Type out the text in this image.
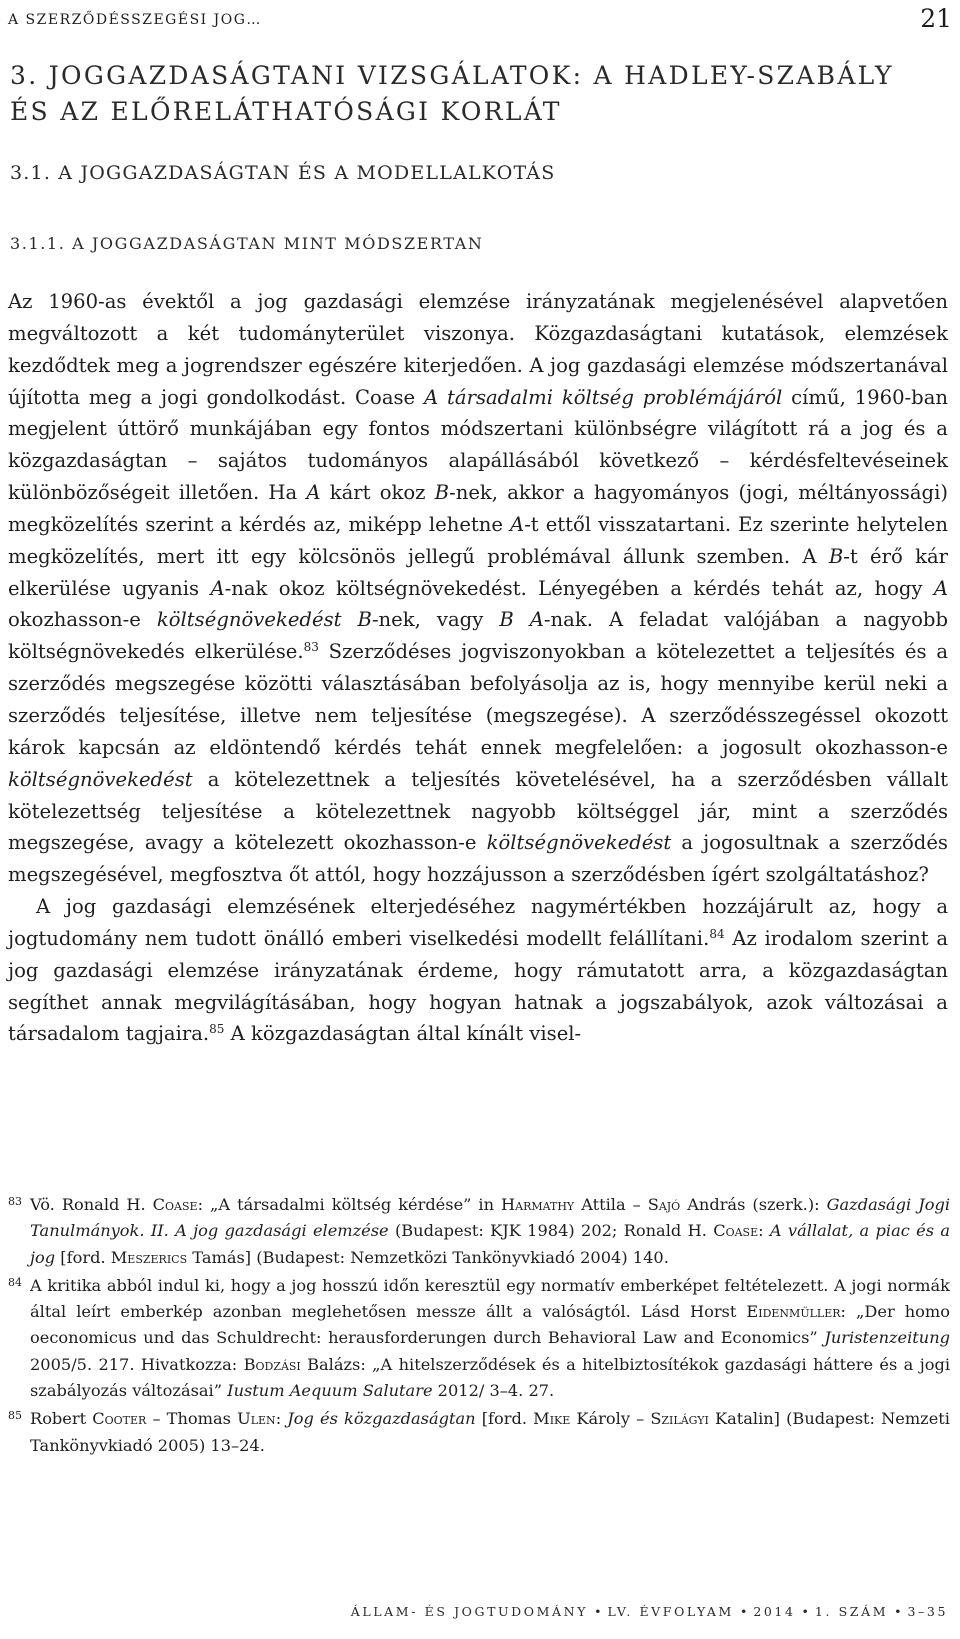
A SZERZŐDÉSSZEGÉSI JOG…	21
3. JOGGAZDASÁGTANI VIZSGÁLATOK: A HADLEY-SZABÁLY ÉS AZ ELŐRELÁTHATÓSÁGI KORLÁT
3.1. A JOGGAZDASÁGTAN ÉS A MODELLALKOTÁS
3.1.1. A JOGGAZDASÁGTAN MINT MÓDSZERTAN

Az 1960-as évektől a jog gazdasági elemzése irányzatának megjelenésével alapvetően megváltozott a két tudományterület viszonya. Közgazdaságtani kutatások, elemzések kezdődtek meg a jogrendszer egészére kiterjedően. A jog gazdasági elemzése módszertanával újította meg a jogi gondolkodást. Coase A társadalmi költség problémájáról című, 1960-ban megjelent úttörő munkájában egy fontos módszertani különbségre világított rá a jog és a közgazdaságtan – sajátos tudományos alapállásából következő – kérdésfeltevéseinek különbözőségeit illetően. Ha A kárt okoz B-nek, akkor a hagyományos (jogi, méltányossági) megközelítés szerint a kérdés az, miképp lehetne A-t ettől visszatartani. Ez szerinte helytelen megközelítés, mert itt egy kölcsönös jellegű problémával állunk szemben. A B-t érő kár elkerülése ugyanis A-nak okoz költségnövekedést. Lényegében a kérdés tehát az, hogy A okozhasson-e költségnövekedést B-nek, vagy B A-nak. A feladat valójában a nagyobb költségnövekedés elkerülése.$^{83}$ Szerződéses jogviszonyokban a kötelezettet a teljesítés és a szerződés megszegése közötti választásában befolyásolja az is, hogy mennyibe kerül neki a szerződés teljesítése, illetve nem teljesítése (megszegése). A szerződésszegéssel okozott károk kapcsán az eldöntendő kérdés tehát ennek megfelelően: a jogosult okozhasson-e költségnövekedést a kötelezettnek a teljesítés követelésével, ha a szerződésben vállalt kötelezettség teljesítése a kötelezettnek nagyobb költséggel jár, mint a szerződés megszegése, avagy a kötelezett okozhasson-e költségnövekedést a jogosultnak a szerződés megszegésével, megfosztva őt attól, hogy hozzájusson a szerződésben ígért szolgáltatáshoz?

A jog gazdasági elemzésének elterjedéséhez nagymértékben hozzájárult az, hogy a jogtudomány nem tudott önálló emberi viselkedési modellt felállítani.$^{84}$ Az irodalom szerint a jog gazdasági elemzése irányzatának érdeme, hogy rámutatott arra, a közgazdaságtan segíthet annak megvilágításában, hogy hogyan hatnak a jogszabályok, azok változásai a társadalom tagjaira.$^{85}$ A közgazdaságtan által kínált visel-

83 Vö. Ronald H. Coase: „A társadalmi költség kérdése” in Harmathy Attila – Sajó András (szerk.): Gazdasági Jogi Tanulmányok. II. A jog gazdasági elemzése (Budapest: KJK 1984) 202; Ronald H. Coase: A vállalat, a piac és a jog [ford. Meszerics Tamás] (Budapest: Nemzetközi Tankönyvkiadó 2004) 140.
84 A kritika abból indul ki, hogy a jog hosszú időn keresztül egy normatív emberképet feltételezett. A jogi normák által leírt emberkép azonban meglehetősen messze állt a valóságtól. Lásd Horst Eidenmüller: „Der homo oeconomicus und das Schuldrecht: herausforderungen durch Behavioral Law and Economics” Juristenzeitung 2005/5. 217. Hivatkozza: Bodzási Balázs: „A hitelszerződések és a hitelbiztosítékok gazdasági háttere és a jogi szabályozás változásai” Iustum Aequum Salutare 2012/ 3–4. 27.
85 Robert Cooter – Thomas Ulen: Jog és közgazdaságtan [ford. Mike Károly – Szilágyi Katalin] (Budapest: Nemzeti Tankönyvkiadó 2005) 13–24.
ÁLLAM- ÉS JOGTUDOMÁNY • LV. ÉVFOLYAM • 2014 • 1. SZÁM • 3–35
